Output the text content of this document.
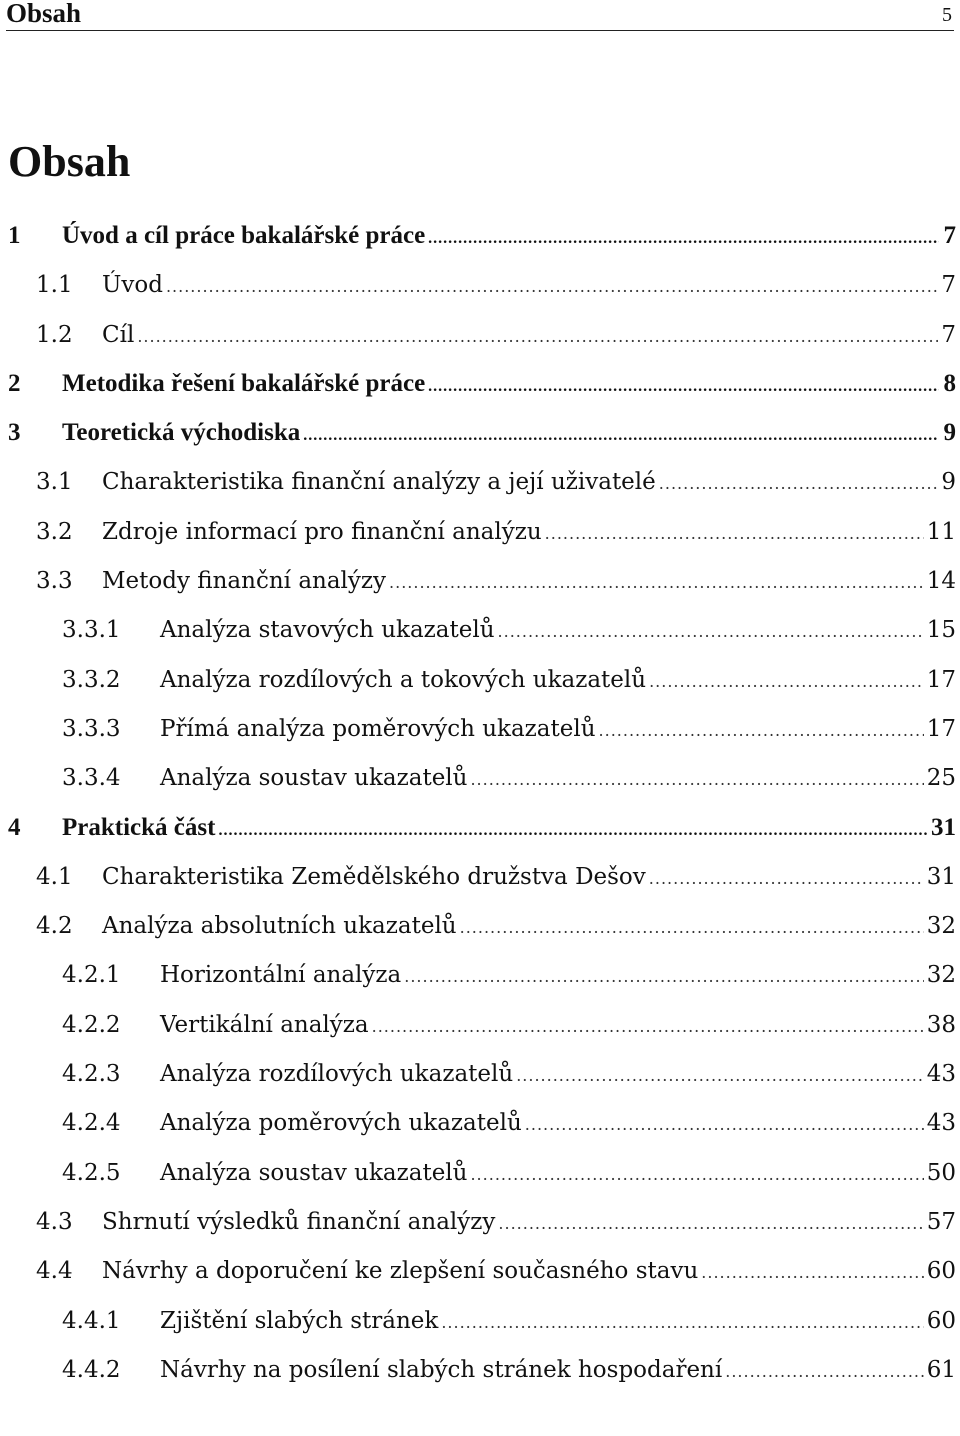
Obsah	5
Obsah
1	Úvod a cíl práce bakalářské práce .....	7
1.1	Úvod .....	7
1.2	Cíl .....	7
2	Metodika řešení bakalářské práce .....	8
3	Teoretická východiska .....	9
3.1	Charakteristika finanční analýzy a její uživatelé .....	9
3.2	Zdroje informací pro finanční analýzu .....	11
3.3	Metody finanční analýzy .....	14
3.3.1	Analýza stavových ukazatelů .....	15
3.3.2	Analýza rozdílových a tokových ukazatelů .....	17
3.3.3	Přímá analýza poměrových ukazatelů .....	17
3.3.4	Analýza soustav ukazatelů .....	25
4	Praktická část .....	31
4.1	Charakteristika Zemědělského družstva Dešov .....	31
4.2	Analýza absolutních ukazatelů .....	32
4.2.1	Horizontální analýza .....	32
4.2.2	Vertikální analýza .....	38
4.2.3	Analýza rozdílových ukazatelů .....	43
4.2.4	Analýza poměrových ukazatelů .....	43
4.2.5	Analýza soustav ukazatelů .....	50
4.3	Shrnutí výsledků finanční analýzy .....	57
4.4	Návrhy a doporučení ke zlepšení současného stavu .....	60
4.4.1	Zjištění slabých stránek .....	60
4.4.2	Návrhy na posílení slabých stránek hospodaření .....	61
